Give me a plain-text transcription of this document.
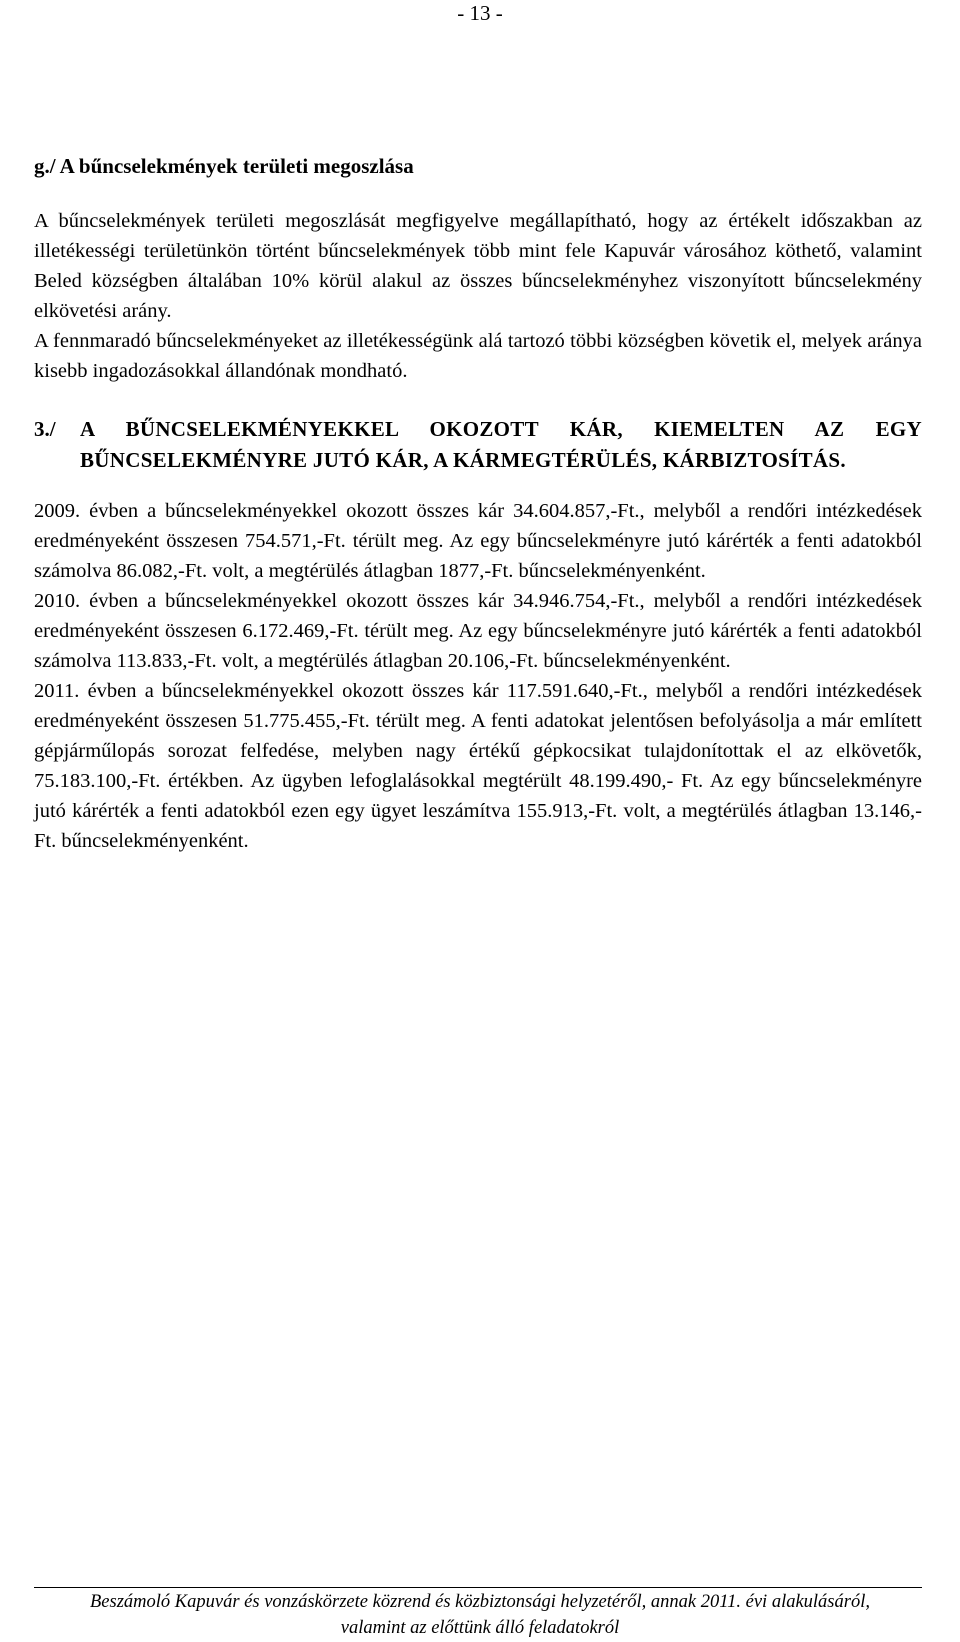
- 13 -
g./ A bűncselekmények területi megoszlása

A bűncselekmények területi megoszlását megfigyelve megállapítható, hogy az értékelt időszakban az illetékességi területünkön történt bűncselekmények több mint fele Kapuvár városához köthető, valamint Beled községben általában 10% körül alakul az összes bűncselekményhez viszonyított bűncselekmény elkövetési arány.

A fennmaradó bűncselekményeket az illetékességünk alá tartozó többi községben követik el, melyek aránya kisebb ingadozásokkal állandónak mondható.

3./	A BŰNCSELEKMÉNYEKKEL OKOZOTT KÁR, KIEMELTEN AZ EGY BŰNCSELEKMÉNYRE JUTÓ KÁR, A KÁRMEGTÉRÜLÉS, KÁRBIZTOSÍTÁS.

2009. évben a bűncselekményekkel okozott összes kár 34.604.857,-Ft., melyből a rendőri intézkedések eredményeként összesen 754.571,-Ft. térült meg. Az egy bűncselekményre jutó kárérték a fenti adatokból számolva 86.082,-Ft. volt, a megtérülés átlagban 1877,-Ft. bűncselekményenként.

2010. évben a bűncselekményekkel okozott összes kár 34.946.754,-Ft., melyből a rendőri intézkedések eredményeként összesen 6.172.469,-Ft. térült meg. Az egy bűncselekményre jutó kárérték a fenti adatokból számolva 113.833,-Ft. volt, a megtérülés átlagban 20.106,-Ft. bűncselekményenként.

2011. évben a bűncselekményekkel okozott összes kár 117.591.640,-Ft., melyből a rendőri intézkedések eredményeként összesen 51.775.455,-Ft. térült meg. A fenti adatokat jelentősen befolyásolja a már említett gépjárműlopás sorozat felfedése, melyben nagy értékű gépkocsikat tulajdonítottak el az elkövetők, 75.183.100,-Ft. értékben. Az ügyben lefoglalásokkal megtérült 48.199.490,- Ft. Az egy bűncselekményre jutó kárérték a fenti adatokból ezen egy ügyet leszámítva 155.913,-Ft. volt, a megtérülés átlagban 13.146,-Ft. bűncselekményenként.

Beszámoló Kapuvár és vonzáskörzete közrend és közbiztonsági helyzetéről, annak 2011. évi alakulásáról,
valamint az előttünk álló feladatokról
